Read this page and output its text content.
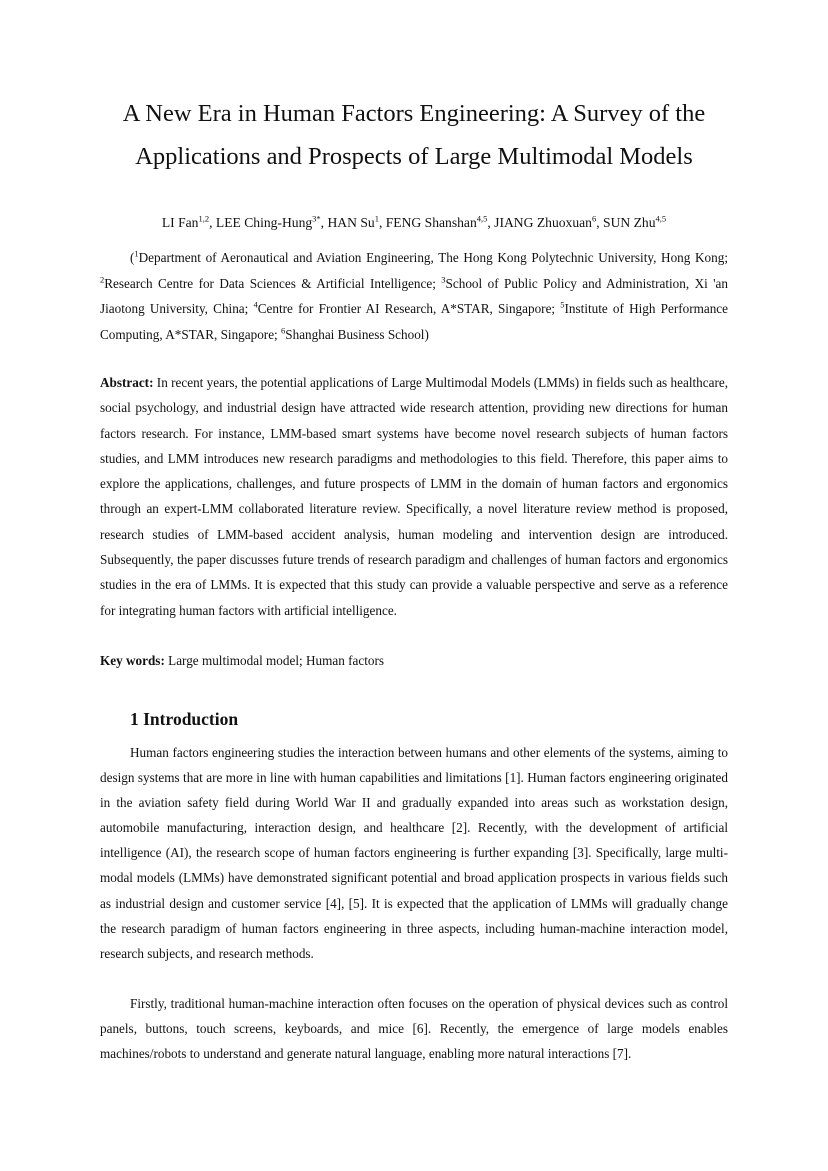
A New Era in Human Factors Engineering: A Survey of the Applications and Prospects of Large Multimodal Models

LI Fan$^{1,2}$, LEE Ching-Hung$^{3*}$, HAN Su$^1$, FENG Shanshan$^{4,5}$, JIANG Zhuoxuan$^6$, SUN Zhu$^{4,5}$

($^1$Department of Aeronautical and Aviation Engineering, The Hong Kong Polytechnic University, Hong Kong; $^2$Research Centre for Data Sciences & Artificial Intelligence; $^3$School of Public Policy and Administration, Xi 'an Jiaotong University, China; $^4$Centre for Frontier AI Research, A*STAR, Singapore; $^5$Institute of High Performance Computing, A*STAR, Singapore; $^6$Shanghai Business School)

Abstract: In recent years, the potential applications of Large Multimodal Models (LMMs) in fields such as healthcare, social psychology, and industrial design have attracted wide research attention, providing new directions for human factors research. For instance, LMM-based smart systems have become novel research subjects of human factors studies, and LMM introduces new research paradigms and methodologies to this field. Therefore, this paper aims to explore the applications, challenges, and future prospects of LMM in the domain of human factors and ergonomics through an expert-LMM collaborated literature review. Specifically, a novel literature review method is proposed, research studies of LMM-based accident analysis, human modeling and intervention design are introduced. Subsequently, the paper discusses future trends of research paradigm and challenges of human factors and ergonomics studies in the era of LMMs. It is expected that this study can provide a valuable perspective and serve as a reference for integrating human factors with artificial intelligence.

Key words: Large multimodal model; Human factors

1 Introduction

Human factors engineering studies the interaction between humans and other elements of the systems, aiming to design systems that are more in line with human capabilities and limitations [1]. Human factors engineering originated in the aviation safety field during World War II and gradually expanded into areas such as workstation design, automobile manufacturing, interaction design, and healthcare [2]. Recently, with the development of artificial intelligence (AI), the research scope of human factors engineering is further expanding [3]. Specifically, large multi-modal models (LMMs) have demonstrated significant potential and broad application prospects in various fields such as industrial design and customer service [4], [5]. It is expected that the application of LMMs will gradually change the research paradigm of human factors engineering in three aspects, including human-machine interaction model, research subjects, and research methods.

Firstly, traditional human-machine interaction often focuses on the operation of physical devices such as control panels, buttons, touch screens, keyboards, and mice [6]. Recently, the emergence of large models enables machines/robots to understand and generate natural language, enabling more natural interactions [7].
